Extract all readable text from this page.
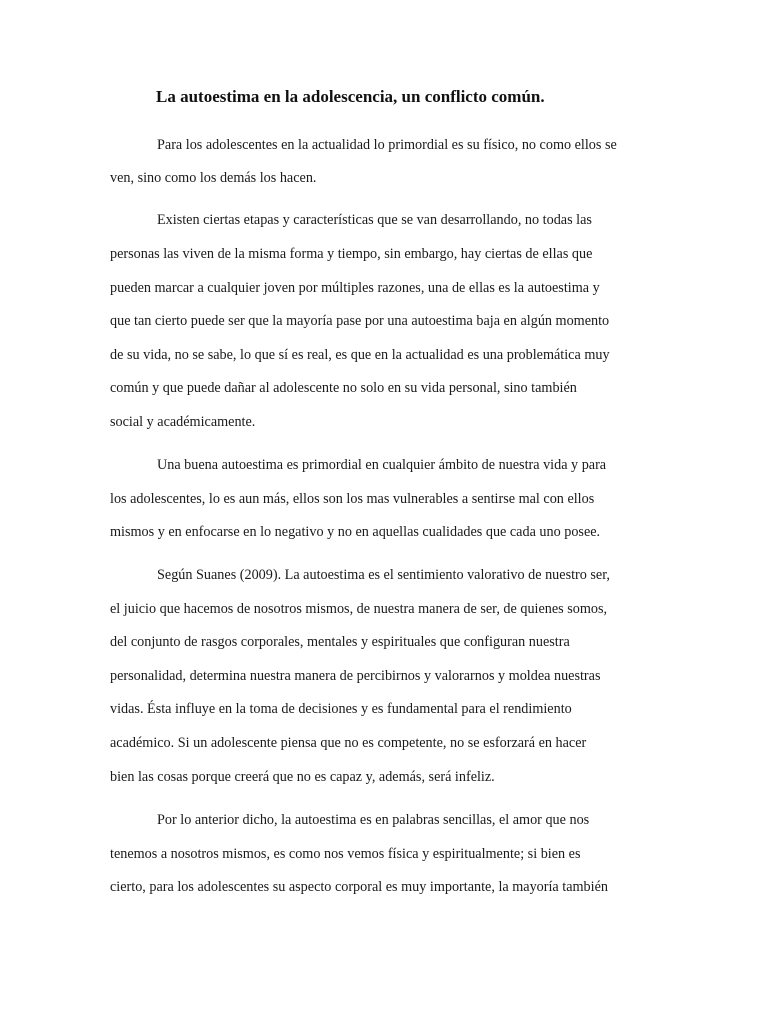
La autoestima en la adolescencia, un conflicto común.
Para los adolescentes en la actualidad lo primordial es su físico, no como ellos se
ven, sino como los demás los hacen.
Existen ciertas etapas y características que se van desarrollando, no todas las
personas las viven de la misma forma y tiempo, sin embargo, hay ciertas de ellas que
pueden marcar a cualquier joven por múltiples razones, una de ellas es la autoestima y
que tan cierto puede ser que la mayoría pase por una autoestima baja en algún momento
de su vida, no se sabe, lo que sí es real, es que en la actualidad es una problemática muy
común y que puede dañar al adolescente no solo en su vida personal, sino también
social y académicamente.
Una buena autoestima es primordial en cualquier ámbito de nuestra vida y para
los adolescentes, lo es aun más, ellos son los mas vulnerables a sentirse mal con ellos
mismos y en enfocarse en lo negativo y no en aquellas cualidades que cada uno posee.
Según Suanes (2009). La autoestima es el sentimiento valorativo de nuestro ser,
el juicio que hacemos de nosotros mismos, de nuestra manera de ser, de quienes somos,
del conjunto de rasgos corporales, mentales y espirituales que configuran nuestra
personalidad, determina nuestra manera de percibirnos y valorarnos y moldea nuestras
vidas. Ésta influye en la toma de decisiones y es fundamental para el rendimiento
académico. Si un adolescente piensa que no es competente, no se esforzará en hacer
bien las cosas porque creerá que no es capaz y, además, será infeliz.
Por lo anterior dicho, la autoestima es en palabras sencillas, el amor que nos
tenemos a nosotros mismos, es como nos vemos física y espiritualmente; si bien es
cierto, para los adolescentes su aspecto corporal es muy importante, la mayoría también
